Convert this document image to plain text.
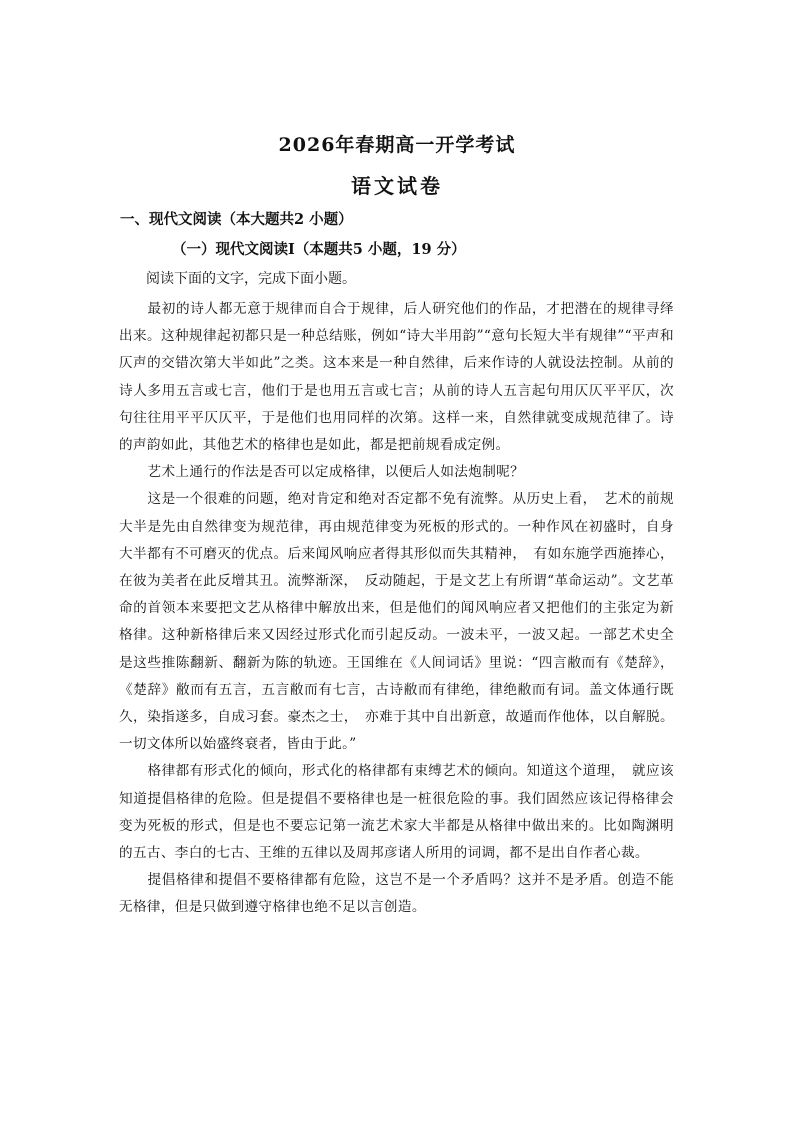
2026年春期高一开学考试
语文试卷
一、现代文阅读（本大题共2 小题）
（一）现代文阅读Ⅰ（本题共5 小题，19 分）
阅读下面的文字，完成下面小题。

最初的诗人都无意于规律而自合于规律，后人研究他们的作品，才把潜在的规律寻绎出来。这种规律起初都只是一种总结账，例如“诗大半用韵”“意句长短大半有规律”“平声和仄声的交错次第大半如此”之类。这本来是一种自然律，后来作诗的人就设法控制。从前的诗人多用五言或七言，他们于是也用五言或七言；从前的诗人五言起句用仄仄平平仄，次句往往用平平仄仄平，于是他们也用同样的次第。这样一来，自然律就变成规范律了。诗的声韵如此，其他艺术的格律也是如此，都是把前规看成定例。

艺术上通行的作法是否可以定成格律，以便后人如法炮制呢？

这是一个很难的问题，绝对肯定和绝对否定都不免有流弊。从历史上看，　艺术的前规大半是先由自然律变为规范律，再由规范律变为死板的形式的。一种作风在初盛时，自身大半都有不可磨灭的优点。后来闻风响应者得其形似而失其精神，　有如东施学西施捧心，在彼为美者在此反增其丑。流弊渐深，　反动随起，于是文艺上有所谓“革命运动”。文艺革命的首领本来要把文艺从格律中解放出来，但是他们的闻风响应者又把他们的主张定为新格律。这种新格律后来又因经过形式化而引起反动。一波未平，一波又起。一部艺术史全是这些推陈翻新、翻新为陈的轨迹。王国维在《人间词话》里说：“四言敝而有《楚辞》，《楚辞》敝而有五言，五言敝而有七言，古诗敝而有律绝，律绝敝而有词。盖文体通行既久，染指遂多，自成习套。豪杰之士，　亦难于其中自出新意，故遁而作他体，以自解脱。一切文体所以始盛终衰者，皆由于此。”

格律都有形式化的倾向，形式化的格律都有束缚艺术的倾向。知道这个道理，　就应该知道提倡格律的危险。但是提倡不要格律也是一桩很危险的事。我们固然应该记得格律会变为死板的形式，但是也不要忘记第一流艺术家大半都是从格律中做出来的。比如陶渊明的五古、李白的七古、王维的五律以及周邦彦诸人所用的词调，都不是出自作者心裁。

提倡格律和提倡不要格律都有危险，这岂不是一个矛盾吗？这并不是矛盾。创造不能无格律，但是只做到遵守格律也绝不足以言创造。
